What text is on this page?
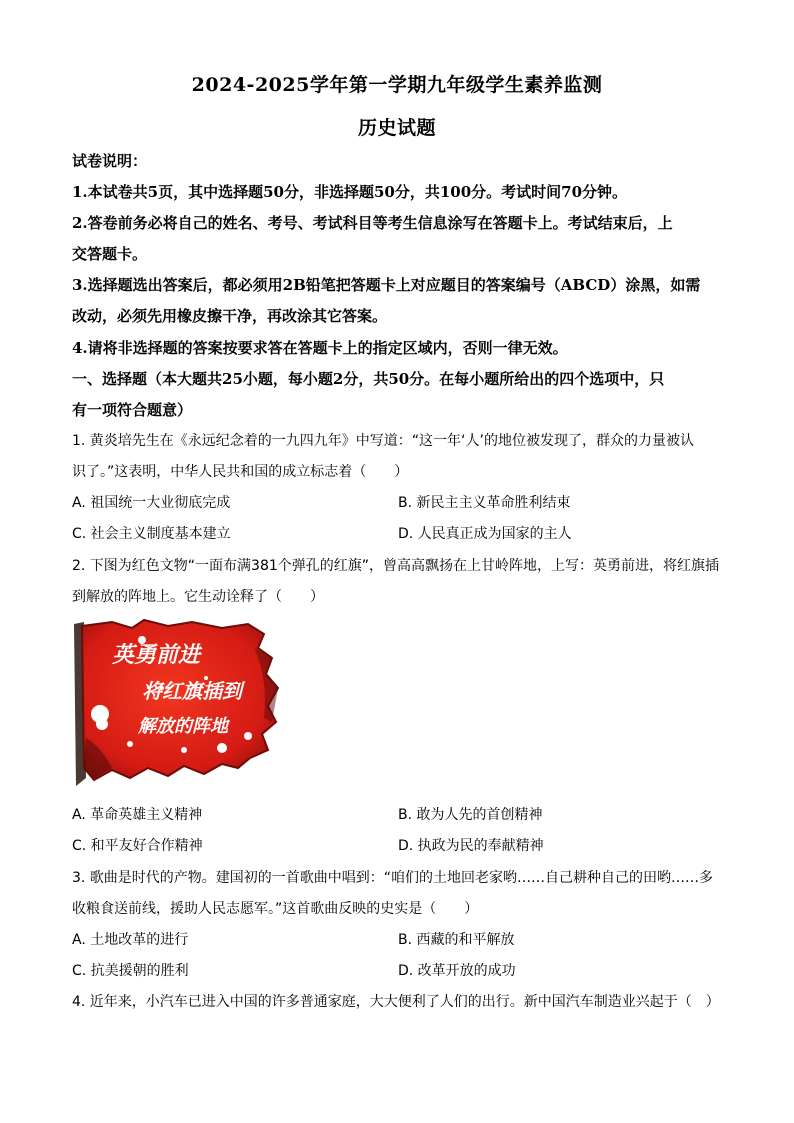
2024-2025学年第一学期九年级学生素养监测
历史试题
试卷说明：
1.本试卷共5页，其中选择题50分，非选择题50分，共100分。考试时间70分钟。
2.答卷前务必将自己的姓名、考号、考试科目等考生信息涂写在答题卡上。考试结束后，上
交答题卡。
3.选择题选出答案后，都必须用2B铅笔把答题卡上对应题目的答案编号（ABCD）涂黑，如需
改动，必须先用橡皮擦干净，再改涂其它答案。
4.请将非选择题的答案按要求答在答题卡上的指定区域内，否则一律无效。
一、选择题（本大题共25小题，每小题2分，共50分。在每小题所给出的四个选项中，只
有一项符合题意）
1. 黄炎培先生在《永远纪念着的一九四九年》中写道：“这一年‘人’的地位被发现了，群众的力量被认
识了。”这表明，中华人民共和国的成立标志着（　　）
A. 祖国统一大业彻底完成	B. 新民主主义革命胜利结束
C. 社会主义制度基本建立	D. 人民真正成为国家的主人
2. 下图为红色文物“一面布满381个弹孔的红旗”，曾高高飘扬在上甘岭阵地，上写：英勇前进，将红旗插
到解放的阵地上。它生动诠释了（　　）
英勇前进
将红旗插到
解放的阵地
A. 革命英雄主义精神	B. 敢为人先的首创精神
C. 和平友好合作精神	D. 执政为民的奉献精神
3. 歌曲是时代的产物。建国初的一首歌曲中唱到：“咱们的土地回老家哟……自己耕种自己的田哟……多
收粮食送前线，援助人民志愿军。”这首歌曲反映的史实是（　　）
A. 土地改革的进行	B. 西藏的和平解放
C. 抗美援朝的胜利	D. 改革开放的成功
4. 近年来，小汽车已进入中国的许多普通家庭，大大便利了人们的出行。新中国汽车制造业兴起于（　）
